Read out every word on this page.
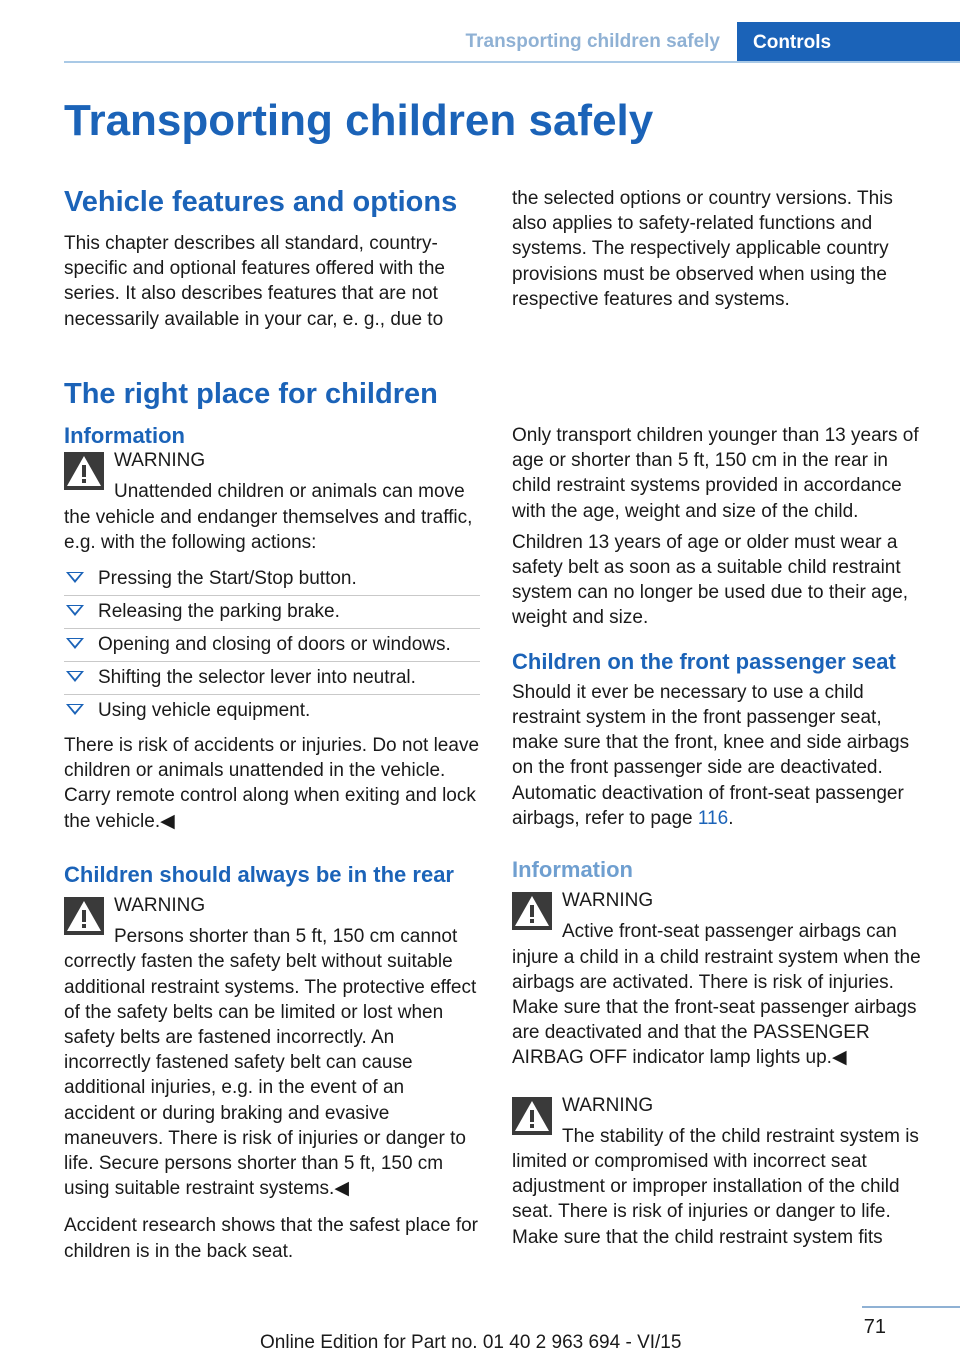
Transporting children safely	Controls
Transporting children safely
Vehicle features and options

This chapter describes all standard, country-specific and optional features offered with the series. It also describes features that are not necessarily available in your car, e. g., due to

the selected options or country versions. This also applies to safety-related functions and systems. The respectively applicable country provisions must be observed when using the respective features and systems.

The right place for children
Information
WARNING
Unattended children or animals can move the vehicle and endanger themselves and traffic, e.g. with the following actions:
Pressing the Start/Stop button.
Releasing the parking brake.
Opening and closing of doors or windows.
Shifting the selector lever into neutral.
Using vehicle equipment.

There is risk of accidents or injuries. Do not leave children or animals unattended in the vehicle. Carry remote control along when exiting and lock the vehicle.◀

Children should always be in the rear
WARNING
Persons shorter than 5 ft, 150 cm cannot correctly fasten the safety belt without suitable additional restraint systems. The protective effect of the safety belts can be limited or lost when safety belts are fastened incorrectly. An incorrectly fastened safety belt can cause additional injuries, e.g. in the event of an accident or during braking and evasive maneuvers. There is risk of injuries or danger to life. Secure persons shorter than 5 ft, 150 cm using suitable restraint systems.◀

Accident research shows that the safest place for children is in the back seat.

Only transport children younger than 13 years of age or shorter than 5 ft, 150 cm in the rear in child restraint systems provided in accordance with the age, weight and size of the child.

Children 13 years of age or older must wear a safety belt as soon as a suitable child restraint system can no longer be used due to their age, weight and size.

Children on the front passenger seat

Should it ever be necessary to use a child restraint system in the front passenger seat, make sure that the front, knee and side airbags on the front passenger side are deactivated. Automatic deactivation of front-seat passenger airbags, refer to page 116.

Information
WARNING
Active front-seat passenger airbags can injure a child in a child restraint system when the airbags are activated. There is risk of injuries. Make sure that the front-seat passenger airbags are deactivated and that the PASSENGER AIRBAG OFF indicator lamp lights up.◀
WARNING
The stability of the child restraint system is limited or compromised with incorrect seat adjustment or improper installation of the child seat. There is risk of injuries or danger to life. Make sure that the child restraint system fits
71
Online Edition for Part no. 01 40 2 963 694 - VI/15
